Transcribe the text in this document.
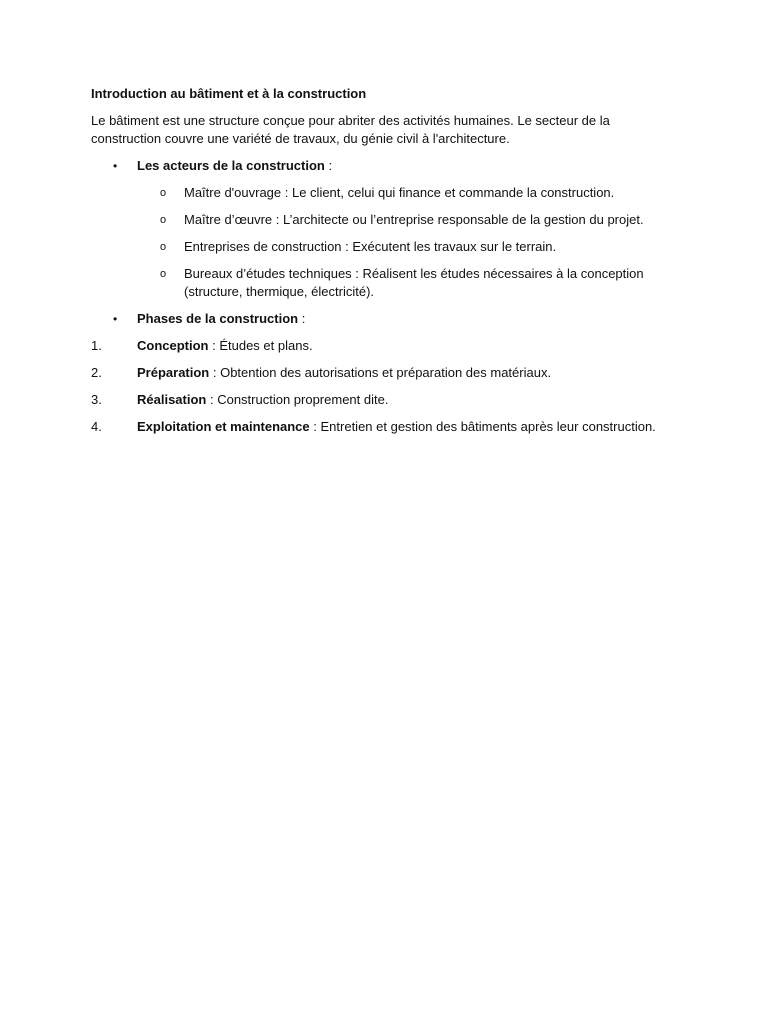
Introduction au bâtiment et à la construction

Le bâtiment est une structure conçue pour abriter des activités humaines. Le secteur de la construction couvre une variété de travaux, du génie civil à l'architecture.

• Les acteurs de la construction :
o Maître d'ouvrage : Le client, celui qui finance et commande la construction.
o Maître d’œuvre : L’architecte ou l’entreprise responsable de la gestion du projet.
o Entreprises de construction : Exécutent les travaux sur le terrain.
o Bureaux d’études techniques : Réalisent les études nécessaires à la conception (structure, thermique, électricité).
• Phases de la construction :
1.	Conception : Études et plans.
2.	Préparation : Obtention des autorisations et préparation des matériaux.
3.	Réalisation : Construction proprement dite.
4.	Exploitation et maintenance : Entretien et gestion des bâtiments après leur construction.
